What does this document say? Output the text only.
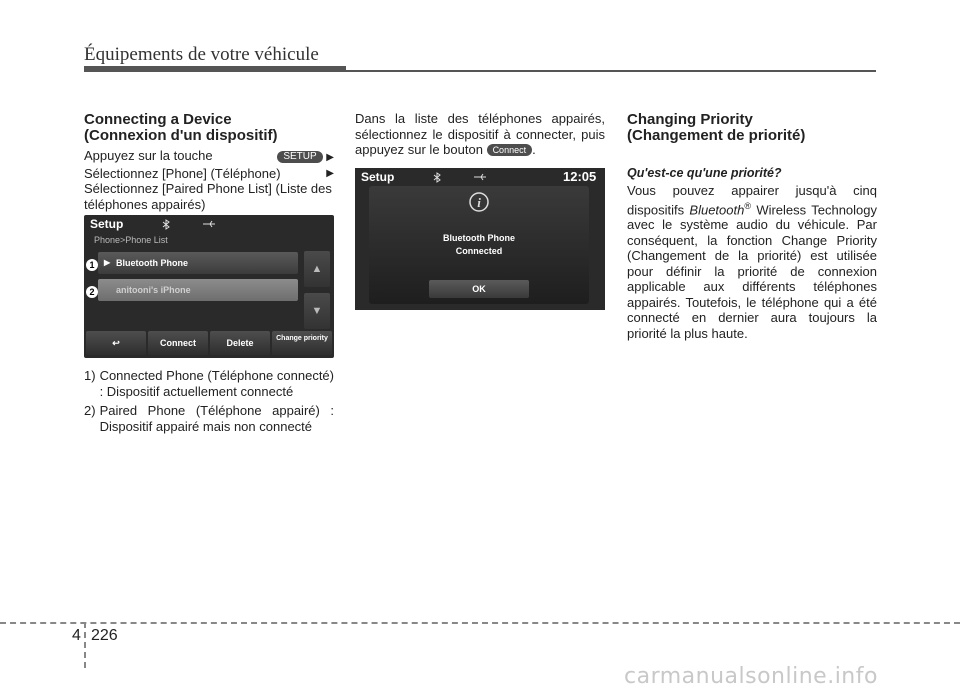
Équipements de votre véhicule
Connecting a Device
(Connexion d'un dispositif)
Appuyez sur la touche	SETUP ▶
Sélectionnez [Phone] (Téléphone)	▶
Sélectionnez [Paired Phone List] (Liste des téléphones appairés)
Setup
Phone>Phone List
1	▶ Bluetooth Phone
2	anitooni's iPhone
▲
▼
↩	Connect	Delete	Change priority
1) Connected Phone (Téléphone connecté) : Dispositif actuellement connecté
2) Paired Phone (Téléphone appairé) : Dispositif appairé mais non connecté
Dans la liste des téléphones appairés, sélectionnez le dispositif à connecter, puis appuyez sur le bouton Connect .
Setup	12:05
i
Bluetooth Phone
Connected
OK
Changing Priority
(Changement de priorité)
Qu'est-ce qu'une priorité?
Vous pouvez appairer jusqu'à cinq dispositifs Bluetooth® Wireless Technology avec le système audio du véhicule. Par conséquent, la fonction Change Priority (Changement de la priorité) est utilisée pour définir la priorité de connexion applicable aux différents téléphones appairés. Toutefois, le téléphone qui a été connecté en dernier aura toujours la priorité la plus haute.
4 226
carmanualsonline.info
